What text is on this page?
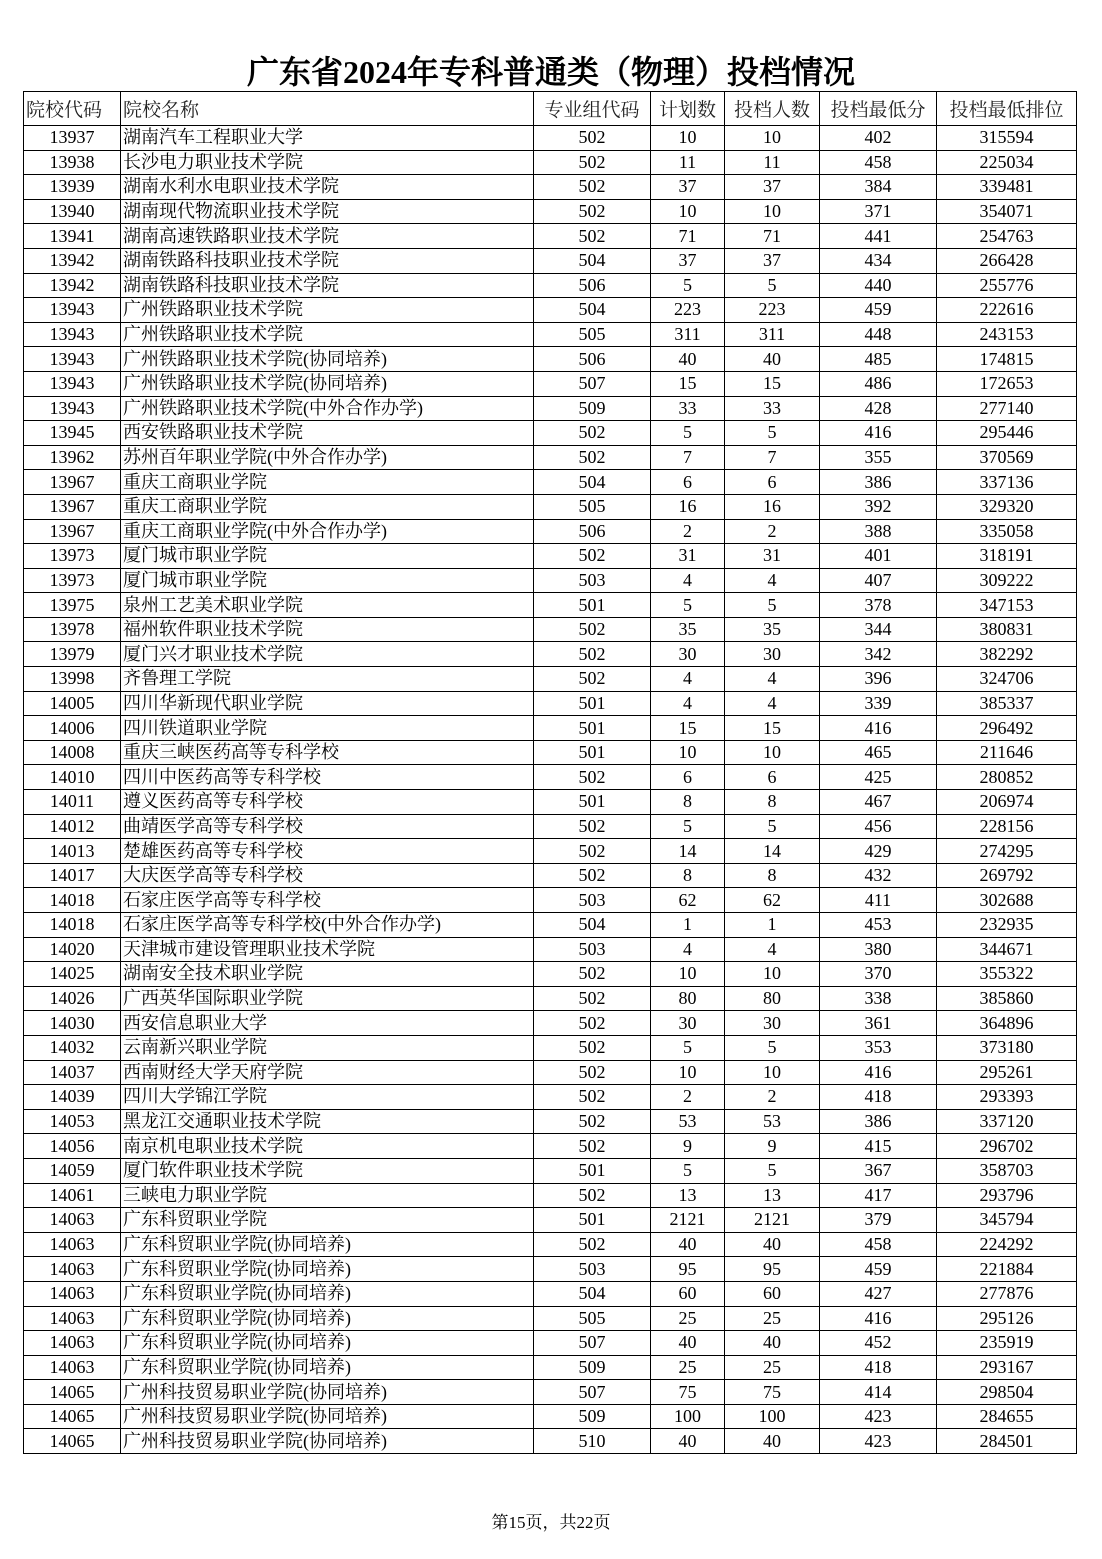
广东省2024年专科普通类（物理）投档情况
院校代码	院校名称	专业组代码	计划数	投档人数	投档最低分	投档最低排位
13937	湖南汽车工程职业大学	502	10	10	402	315594
13938	长沙电力职业技术学院	502	11	11	458	225034
13939	湖南水利水电职业技术学院	502	37	37	384	339481
13940	湖南现代物流职业技术学院	502	10	10	371	354071
13941	湖南高速铁路职业技术学院	502	71	71	441	254763
13942	湖南铁路科技职业技术学院	504	37	37	434	266428
13942	湖南铁路科技职业技术学院	506	5	5	440	255776
13943	广州铁路职业技术学院	504	223	223	459	222616
13943	广州铁路职业技术学院	505	311	311	448	243153
13943	广州铁路职业技术学院(协同培养)	506	40	40	485	174815
13943	广州铁路职业技术学院(协同培养)	507	15	15	486	172653
13943	广州铁路职业技术学院(中外合作办学)	509	33	33	428	277140
13945	西安铁路职业技术学院	502	5	5	416	295446
13962	苏州百年职业学院(中外合作办学)	502	7	7	355	370569
13967	重庆工商职业学院	504	6	6	386	337136
13967	重庆工商职业学院	505	16	16	392	329320
13967	重庆工商职业学院(中外合作办学)	506	2	2	388	335058
13973	厦门城市职业学院	502	31	31	401	318191
13973	厦门城市职业学院	503	4	4	407	309222
13975	泉州工艺美术职业学院	501	5	5	378	347153
13978	福州软件职业技术学院	502	35	35	344	380831
13979	厦门兴才职业技术学院	502	30	30	342	382292
13998	齐鲁理工学院	502	4	4	396	324706
14005	四川华新现代职业学院	501	4	4	339	385337
14006	四川铁道职业学院	501	15	15	416	296492
14008	重庆三峡医药高等专科学校	501	10	10	465	211646
14010	四川中医药高等专科学校	502	6	6	425	280852
14011	遵义医药高等专科学校	501	8	8	467	206974
14012	曲靖医学高等专科学校	502	5	5	456	228156
14013	楚雄医药高等专科学校	502	14	14	429	274295
14017	大庆医学高等专科学校	502	8	8	432	269792
14018	石家庄医学高等专科学校	503	62	62	411	302688
14018	石家庄医学高等专科学校(中外合作办学)	504	1	1	453	232935
14020	天津城市建设管理职业技术学院	503	4	4	380	344671
14025	湖南安全技术职业学院	502	10	10	370	355322
14026	广西英华国际职业学院	502	80	80	338	385860
14030	西安信息职业大学	502	30	30	361	364896
14032	云南新兴职业学院	502	5	5	353	373180
14037	西南财经大学天府学院	502	10	10	416	295261
14039	四川大学锦江学院	502	2	2	418	293393
14053	黑龙江交通职业技术学院	502	53	53	386	337120
14056	南京机电职业技术学院	502	9	9	415	296702
14059	厦门软件职业技术学院	501	5	5	367	358703
14061	三峡电力职业学院	502	13	13	417	293796
14063	广东科贸职业学院	501	2121	2121	379	345794
14063	广东科贸职业学院(协同培养)	502	40	40	458	224292
14063	广东科贸职业学院(协同培养)	503	95	95	459	221884
14063	广东科贸职业学院(协同培养)	504	60	60	427	277876
14063	广东科贸职业学院(协同培养)	505	25	25	416	295126
14063	广东科贸职业学院(协同培养)	507	40	40	452	235919
14063	广东科贸职业学院(协同培养)	509	25	25	418	293167
14065	广州科技贸易职业学院(协同培养)	507	75	75	414	298504
14065	广州科技贸易职业学院(协同培养)	509	100	100	423	284655
14065	广州科技贸易职业学院(协同培养)	510	40	40	423	284501
第15页，共22页
